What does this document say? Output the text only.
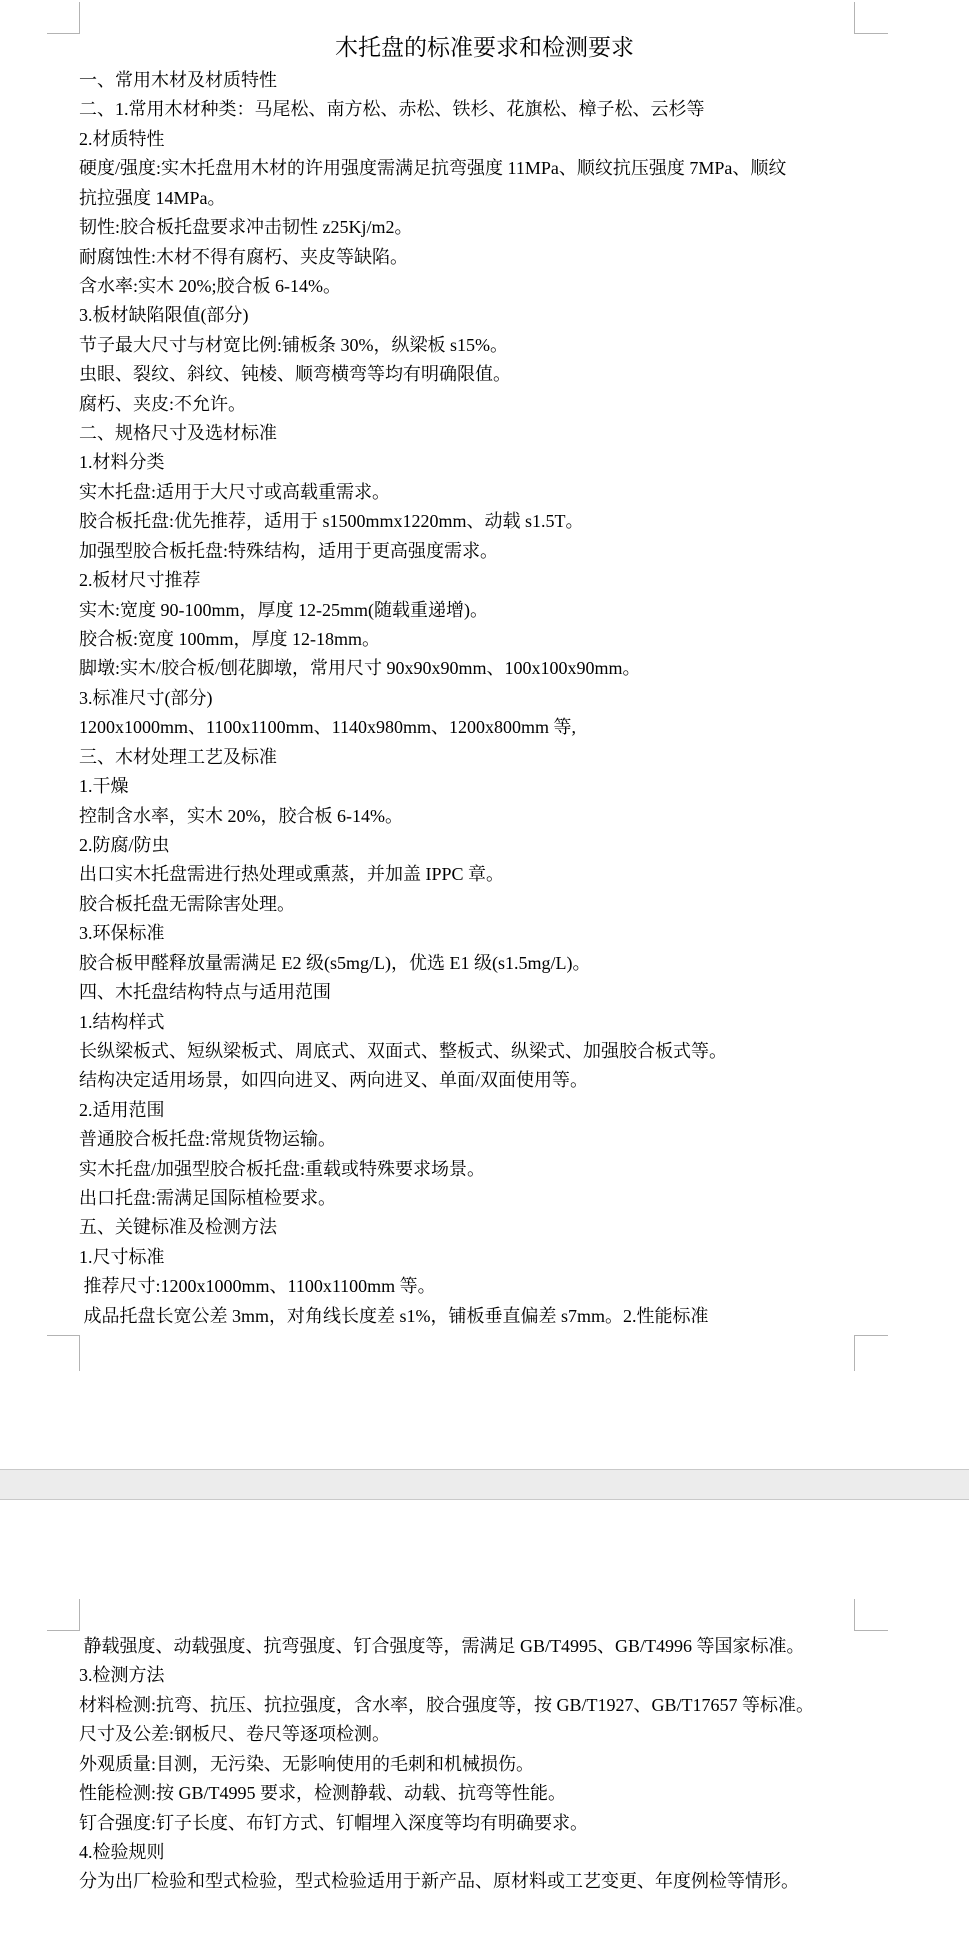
木托盘的标准要求和检测要求
一、常用木材及材质特性
二、1.常用木材种类：马尾松、南方松、赤松、铁杉、花旗松、樟子松、云杉等
2.材质特性
硬度/强度:实木托盘用木材的许用强度需满足抗弯强度 11MPa、顺纹抗压强度 7MPa、顺纹
抗拉强度 14MPa。
韧性:胶合板托盘要求冲击韧性 z25Kj/m2。
耐腐蚀性:木材不得有腐朽、夹皮等缺陷。
含水率:实木 20%;胶合板 6-14%。
3.板材缺陷限值(部分)
节子最大尺寸与材宽比例:铺板条 30%，纵梁板 s15%。
虫眼、裂纹、斜纹、钝棱、顺弯横弯等均有明确限值。
腐朽、夹皮:不允许。
二、规格尺寸及选材标准
1.材料分类
实木托盘:适用于大尺寸或高载重需求。
胶合板托盘:优先推荐，适用于 s1500mmx1220mm、动载 s1.5T。
加强型胶合板托盘:特殊结构，适用于更高强度需求。
2.板材尺寸推荐
实木:宽度 90-100mm，厚度 12-25mm(随载重递增)。
胶合板:宽度 100mm，厚度 12-18mm。
脚墩:实木/胶合板/刨花脚墩，常用尺寸 90x90x90mm、100x100x90mm。
3.标准尺寸(部分)
1200x1000mm、1100x1100mm、1140x980mm、1200x800mm 等,
三、木材处理工艺及标准
1.干燥
控制含水率，实木 20%，胶合板 6-14%。
2.防腐/防虫
出口实木托盘需进行热处理或熏蒸，并加盖 IPPC 章。
胶合板托盘无需除害处理。
3.环保标准
胶合板甲醛释放量需满足 E2 级(s5mg/L)，优选 E1 级(s1.5mg/L)。
四、木托盘结构特点与适用范围
1.结构样式
长纵梁板式、短纵梁板式、周底式、双面式、整板式、纵梁式、加强胶合板式等。
结构决定适用场景，如四向进叉、两向进叉、单面/双面使用等。
2.适用范围
普通胶合板托盘:常规货物运输。
实木托盘/加强型胶合板托盘:重载或特殊要求场景。
出口托盘:需满足国际植检要求。
五、关键标准及检测方法
1.尺寸标准
推荐尺寸:1200x1000mm、1100x1100mm 等。
成品托盘长宽公差 3mm，对角线长度差 s1%，铺板垂直偏差 s7mm。2.性能标准
静载强度、动载强度、抗弯强度、钉合强度等，需满足 GB/T4995、GB/T4996 等国家标准。
3.检测方法
材料检测:抗弯、抗压、抗拉强度，含水率，胶合强度等，按 GB/T1927、GB/T17657 等标准。
尺寸及公差:钢板尺、卷尺等逐项检测。
外观质量:目测，无污染、无影响使用的毛刺和机械损伤。
性能检测:按 GB/T4995 要求，检测静载、动载、抗弯等性能。
钉合强度:钉子长度、布钉方式、钉帽埋入深度等均有明确要求。
4.检验规则
分为出厂检验和型式检验，型式检验适用于新产品、原材料或工艺变更、年度例检等情形。
